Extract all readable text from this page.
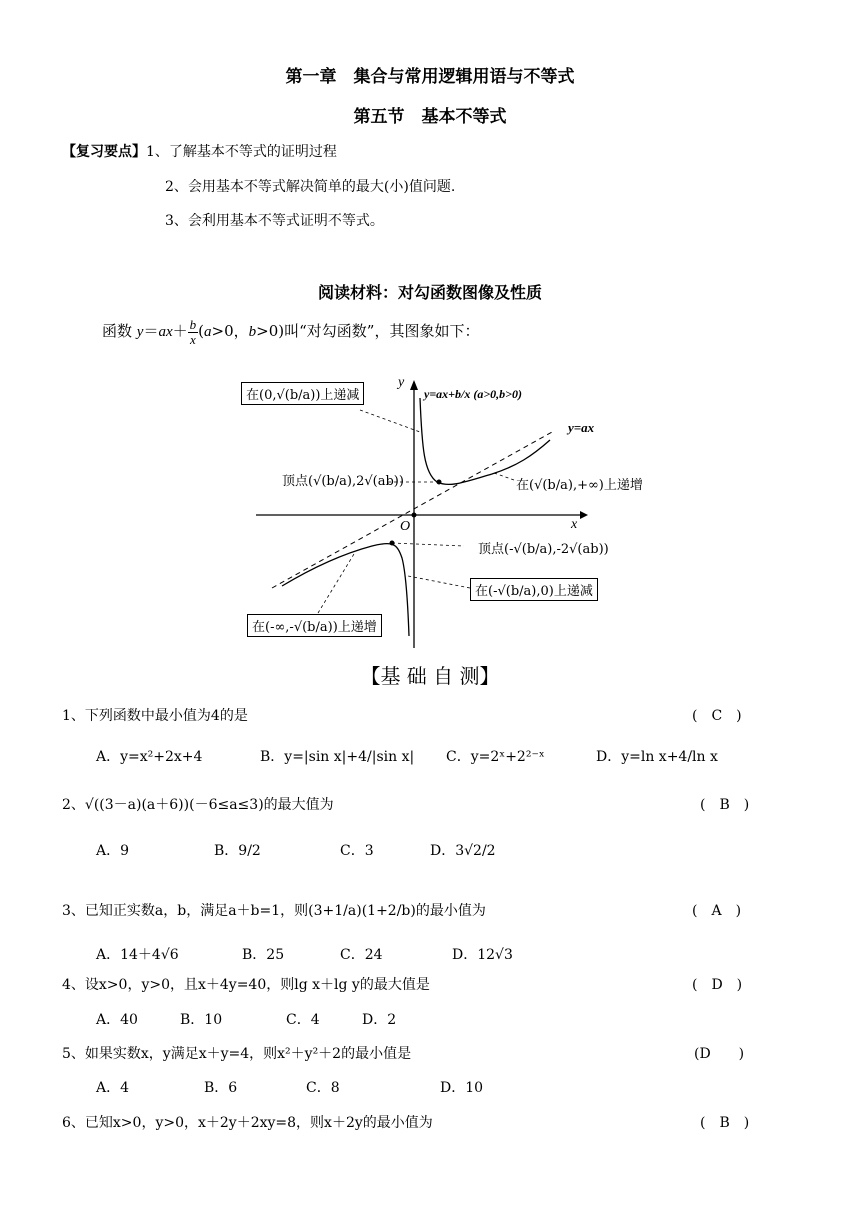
第一章　集合与常用逻辑用语与不等式
第五节　基本不等式
【复习要点】1、了解基本不等式的证明过程
2、会用基本不等式解决简单的最大(小)值问题.
3、会利用基本不等式证明不等式。
阅读材料：对勾函数图像及性质
函数 $y=ax+ \frac{b}{x} (a>0$，b>0)叫“对勾函数”，其图象如下：
x
y
O
y=ax
y=ax+b/x (a>0,b>0)
在(0,√(b/a))上递减
顶点(√(b/a),2√(ab))	在(√(b/a),+∞)上递增
顶点(-√(b/a),-2√(ab))
在(-√(b/a),0)上递减
在(-∞,-√(b/a))上递增
【基 础 自 测】
1、下列函数中最小值为4的是	(　C　)
A．y=x²+2x+4	B．y=|sin x|+4/|sin x| C．y=2ˣ+2²⁻ˣ	D．y=ln x+4/ln x
2、√((3－a)(a＋6))(－6≤a≤3)的最大值为	(　B　)
A．9	B．9/2	C．3	D．3√2/2
3、已知正实数a，b，满足a＋b=1，则(3+1/a)(1+2/b)的最小值为	(　A　)
A．14＋4√6	B．25	C．24	D．12√3
4、设x>0，y>0，且x＋4y=40，则lg x＋lg y的最大值是	(　D　)
A．40	B．10	C．4	D．2
5、如果实数x，y满足x＋y=4，则x²＋y²＋2的最小值是	(D　　)
A．4	B．6	C．8	D．10
6、已知x>0，y>0，x＋2y＋2xy=8，则x＋2y的最小值为	(　B　)
